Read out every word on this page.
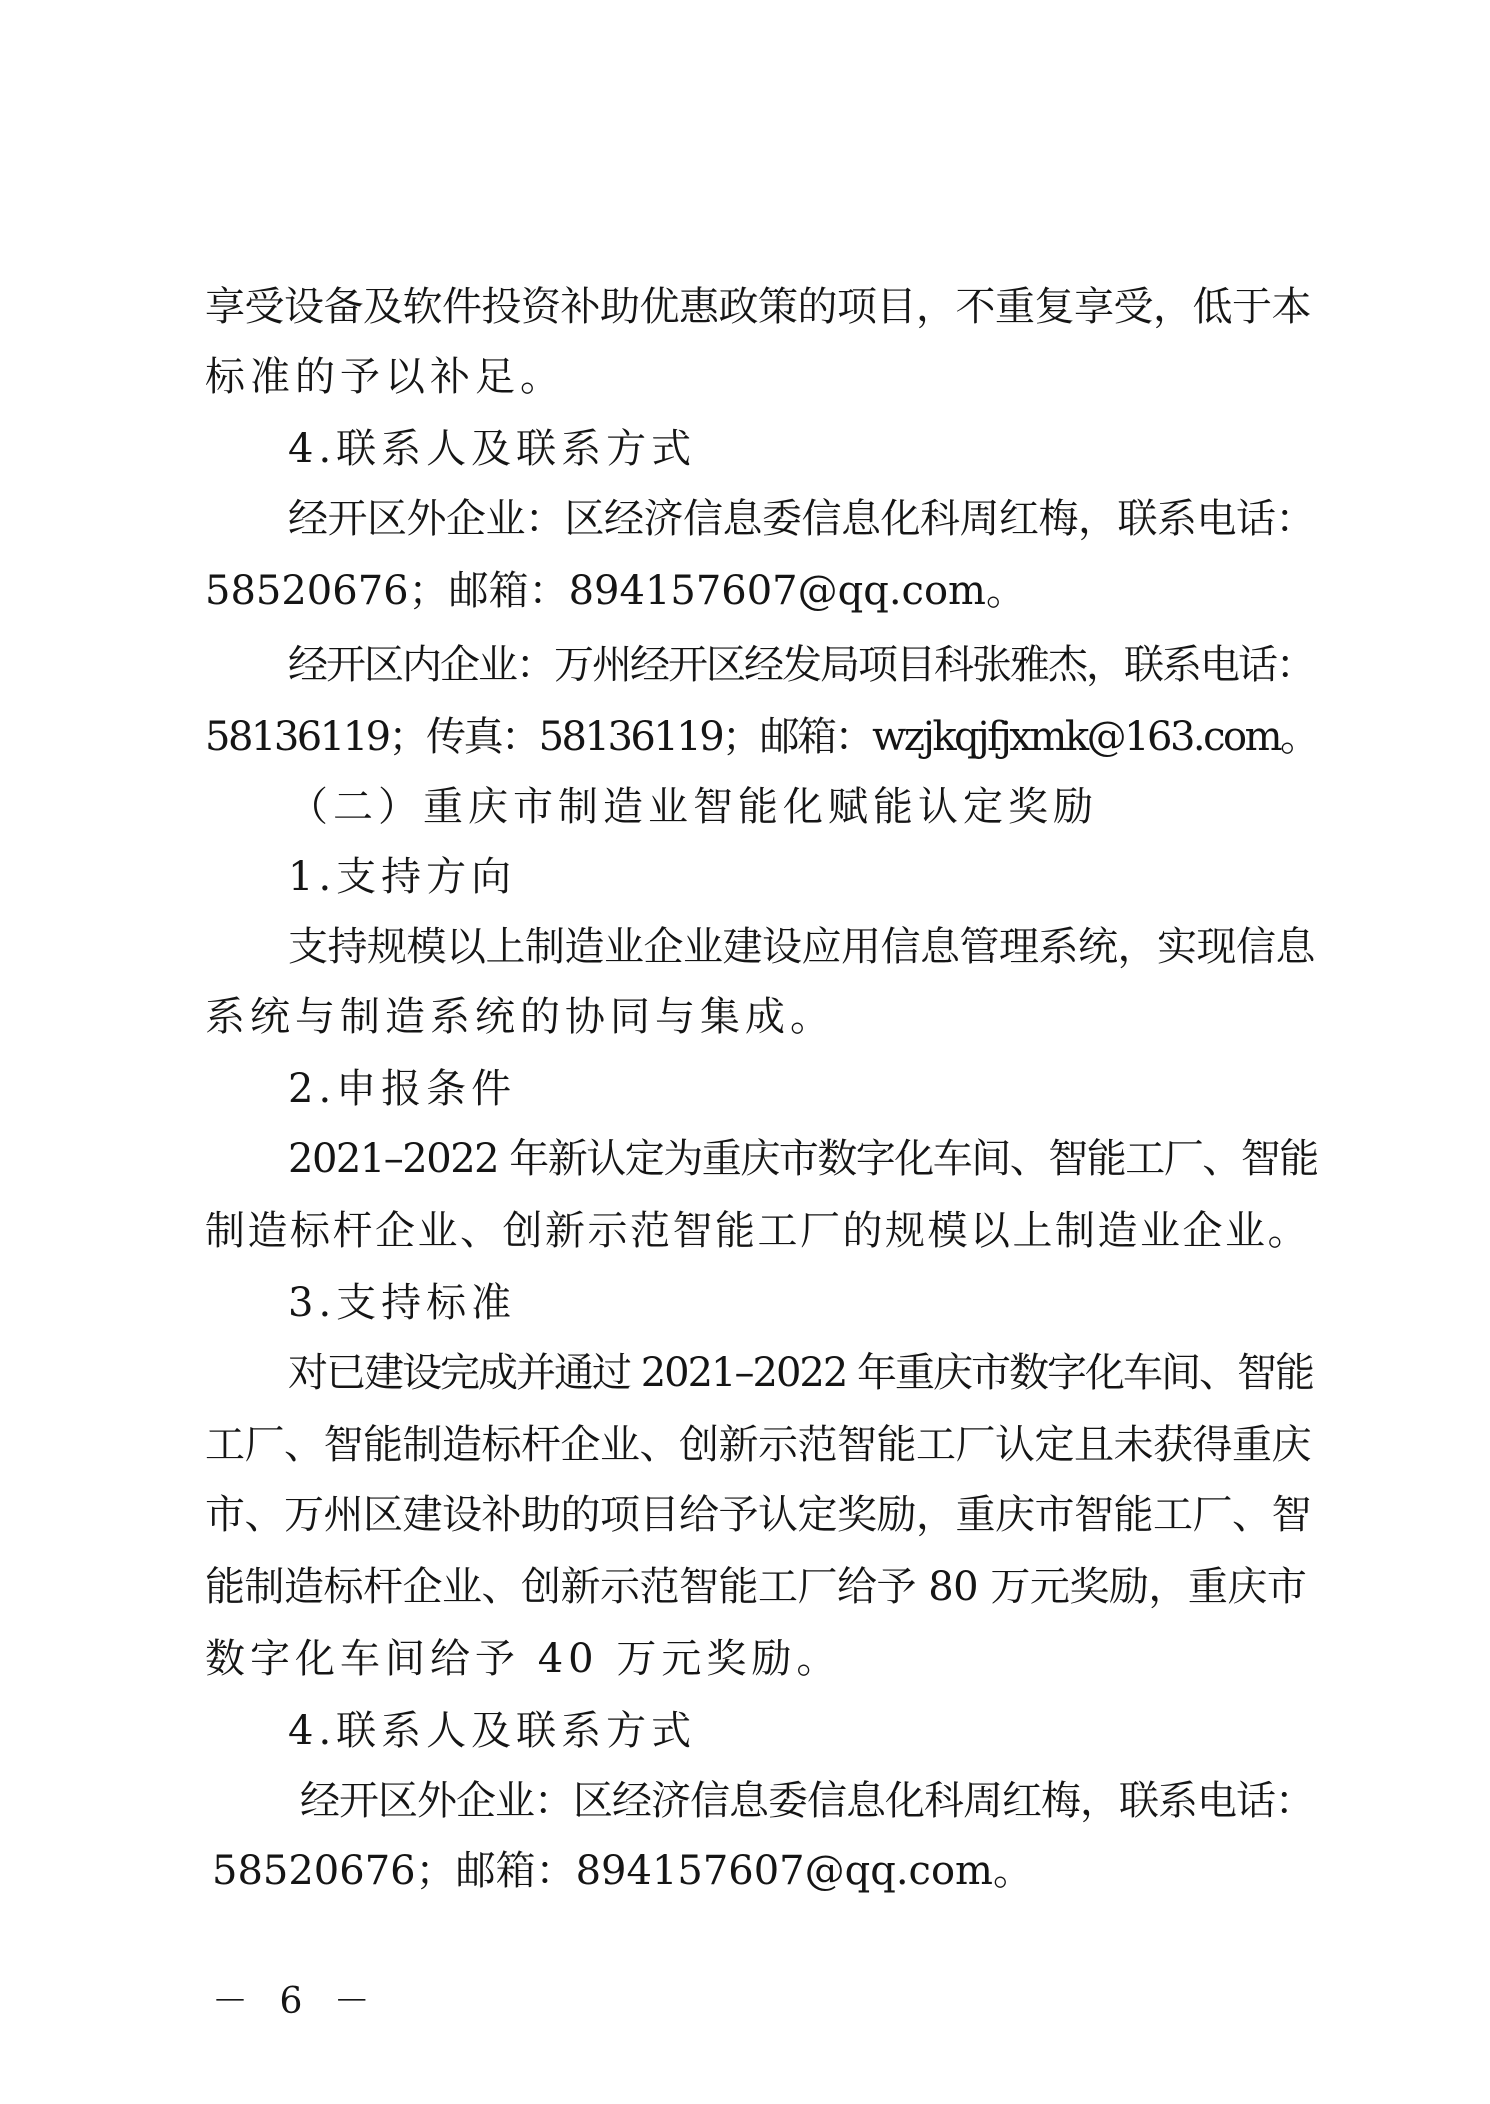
享受设备及软件投资补助优惠政策的项目，不重复享受，低于本
标准的予以补足。
4.联系人及联系方式
经开区外企业：区经济信息委信息化科周红梅，联系电话：
58520676；邮箱：894157607@qq.com。
经开区内企业：万州经开区经发局项目科张雅杰，联系电话：
58136119；传真：58136119；邮箱：wzjkqjfjxmk@163.com。
（二）重庆市制造业智能化赋能认定奖励
1.支持方向
支持规模以上制造业企业建设应用信息管理系统，实现信息
系统与制造系统的协同与集成。
2.申报条件
2021–2022 年新认定为重庆市数字化车间、智能工厂、智能
制造标杆企业、创新示范智能工厂的规模以上制造业企业。
3.支持标准
对已建设完成并通过 2021–2022 年重庆市数字化车间、智能
工厂、智能制造标杆企业、创新示范智能工厂认定且未获得重庆
市、万州区建设补助的项目给予认定奖励，重庆市智能工厂、智
能制造标杆企业、创新示范智能工厂给予 80 万元奖励，重庆市
数字化车间给予 40 万元奖励。
4.联系人及联系方式
经开区外企业：区经济信息委信息化科周红梅，联系电话：
58520676；邮箱：894157607@qq.com。
－ 6 －
